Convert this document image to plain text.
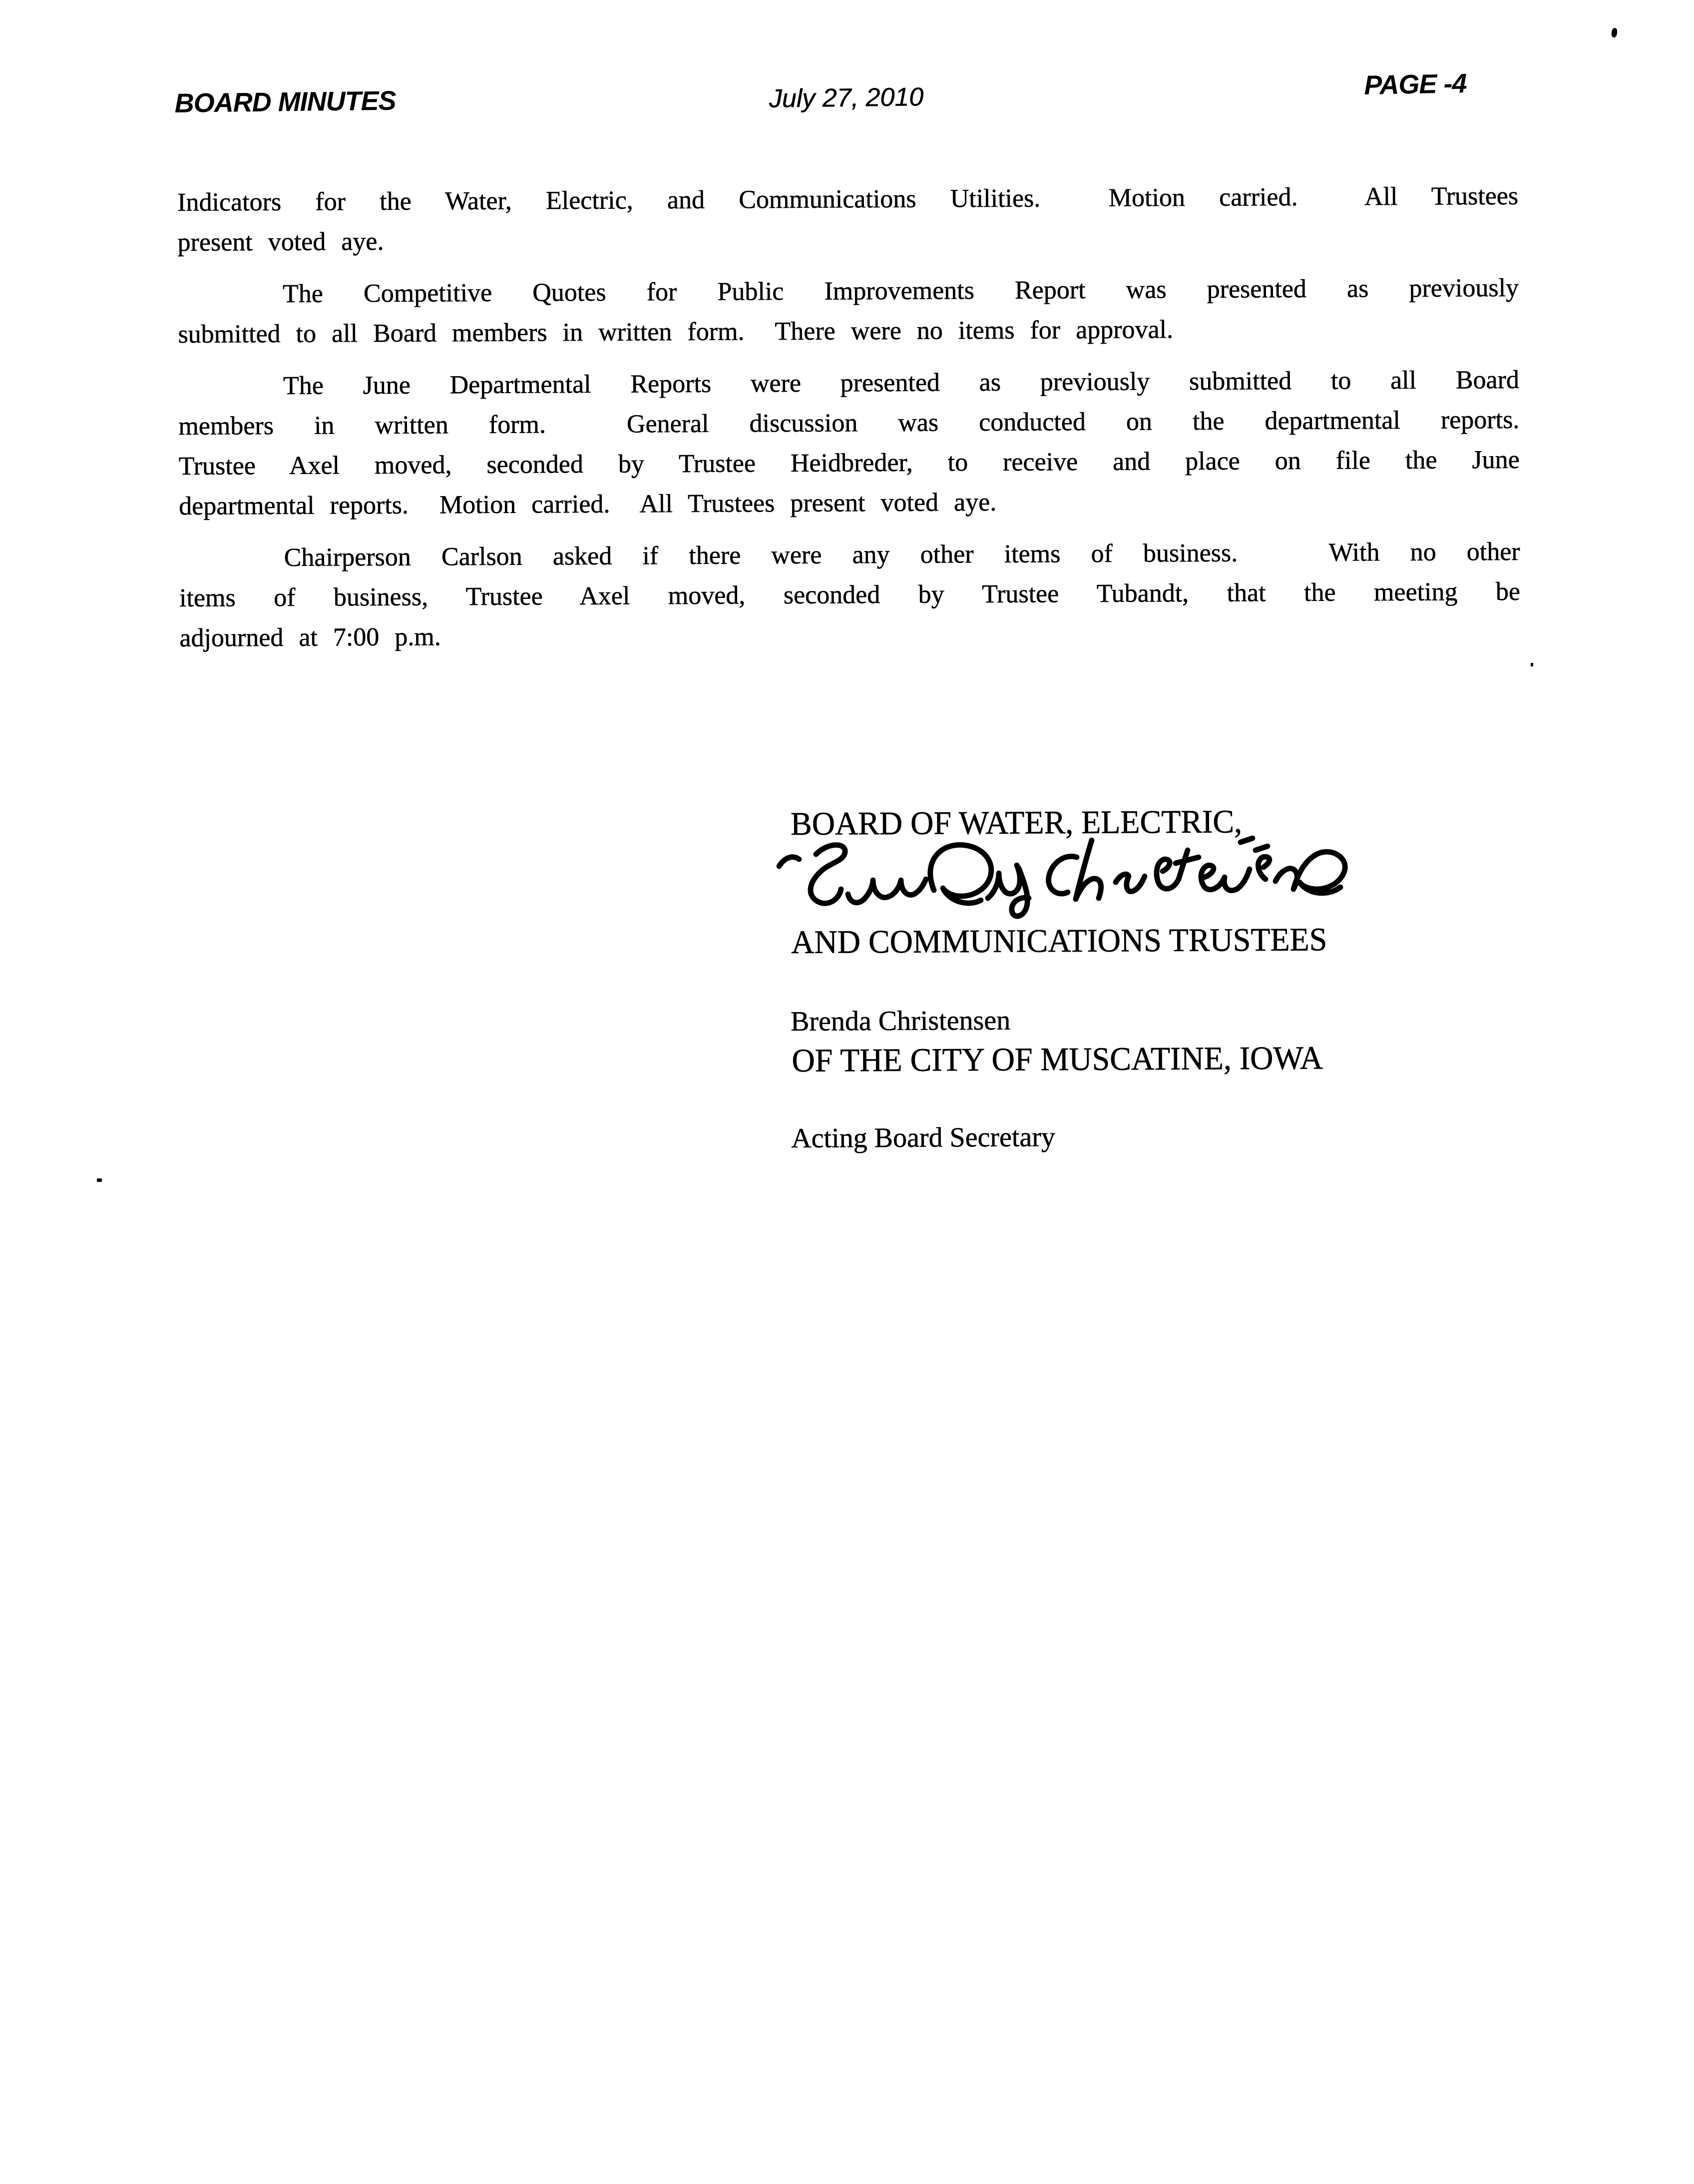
BOARD MINUTES	July 27, 2010	PAGE -4
Indicators for the Water, Electric, and Communications Utilities.  Motion carried.  All Trustees
present voted aye.
The Competitive Quotes for Public Improvements Report was presented as previously
submitted to all Board members in written form.  There were no items for approval.
The June Departmental Reports were presented as previously submitted to all Board
members in written form.  General discussion was conducted on the departmental reports.
Trustee Axel moved, seconded by Trustee Heidbreder, to receive and place on file the June
departmental reports.  Motion carried.  All Trustees present voted aye.
Chairperson Carlson asked if there were any other items of business.   With no other
items of business, Trustee Axel moved, seconded by Trustee Tubandt, that the meeting be
adjourned at 7:00 p.m.

BOARD OF WATER, ELECTRIC,

AND COMMUNICATIONS TRUSTEES

OF THE CITY OF MUSCATINE, IOWA

Brenda Christensen

Acting Board Secretary
